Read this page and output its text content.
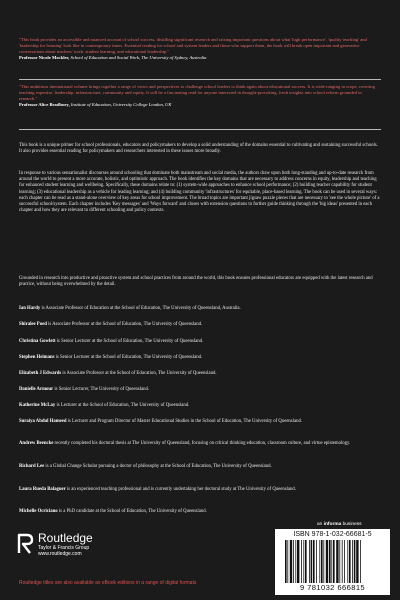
"This book provides an accessible and nuanced account of school success, distilling significant research and raising important questions about what 'high performance', 'quality teaching' and 'leadership for learning' look like in contemporary times. Essential reading for school and system leaders and those who support them, the book will break open important and generative conversations about teachers' work, student learning, and educational leadership."
Professor Nicole Mockler, School of Education and Social Work, The University of Sydney, Australia
"This ambitious international volume brings together a range of views and perspectives to challenge school leaders to think again about educational success. It is wide-ranging in scope, covering teaching expertise, leadership, infrastructure, community and equity. It will be a fascinating read for anyone interested in thought-provoking, fresh insights into school reform grounded in research."
Professor Alice Bradbury, Institute of Education, University College London, UK

This book is a unique primer for school professionals, educators and policymakers to develop a solid understanding of the domains essential to cultivating and sustaining successful schools. It also provides essential reading for policymakers and researchers interested in these issues more broadly.

In response to various sensationalist discourses around schooling that dominate both mainstream and social media, the authors draw upon both long-standing and up-to-date research from around the world to present a more accurate, holistic, and optimistic approach. The book identifies the key domains that are necessary to address concerns in equity, leadership and teaching for enhanced student learning and wellbeing. Specifically, these domains relate to: (1) system-wide approaches to enhance school performance; (2) building teacher capability for student learning; (3) educational leadership as a vehicle for leading learning; and (4) building community 'infrastructures' for equitable, place-based learning. The book can be used in several ways: each chapter can be read as a stand-alone overview of key areas for school improvement. The broad topics are important jigsaw puzzle pieces that are necessary to 'see the whole picture' of a successful school/system. Each chapter includes 'Key messages' and 'Ways forward' and closes with extension questions to further guide thinking through the 'big ideas' presented in each chapter and how they are relevant to different schooling and policy contexts.

Grounded in research into productive and proactive system and school practices from around the world, this book ensures professional educators are equipped with the latest research and practice, without being overwhelmed by the detail.

Ian Hardy is Associate Professor of Education at the School of Education, The University of Queensland, Australia.
Shiralee Poed is Associate Professor at the School of Education, The University of Queensland.
Christina Gowlett is Senior Lecturer at the School of Education, The University of Queensland.
Stephen Heimans is Senior Lecturer at the School of Education, The University of Queensland.
Elizabeth J Edwards is Associate Professor at the School of Education, The University of Queensland.
Danielle Armour is Senior Lecturer, The University of Queensland.
Katherine McLay is Lecturer at the School of Education, The University of Queensland.
Suraiya Abdul Hameed is Lecturer and Program Director of Master Educational Studies in the School of Education, The University of Queensland.
Andrew Beencke recently completed his doctoral thesis at The University of Queensland, focusing on critical thinking education, classroom culture, and virtue epistemology.
Richard Lee is a Global Change Scholar pursuing a doctor of philosophy at the School of Education, The University of Queensland.
Laura Rueda Balaguer is an experienced teaching professional and is currently undertaking her doctoral study at The University of Queensland.
Michelle Ocriciano is a PhD candidate at the School of Education, The University of Queensland.
Routledge
Taylor & Francis Group
www.routledge.com
Routledge titles are also available as eBook editions in a range of digital formats
an informa business
ISBN 978-1-032-66681-5
9 781032 666815
